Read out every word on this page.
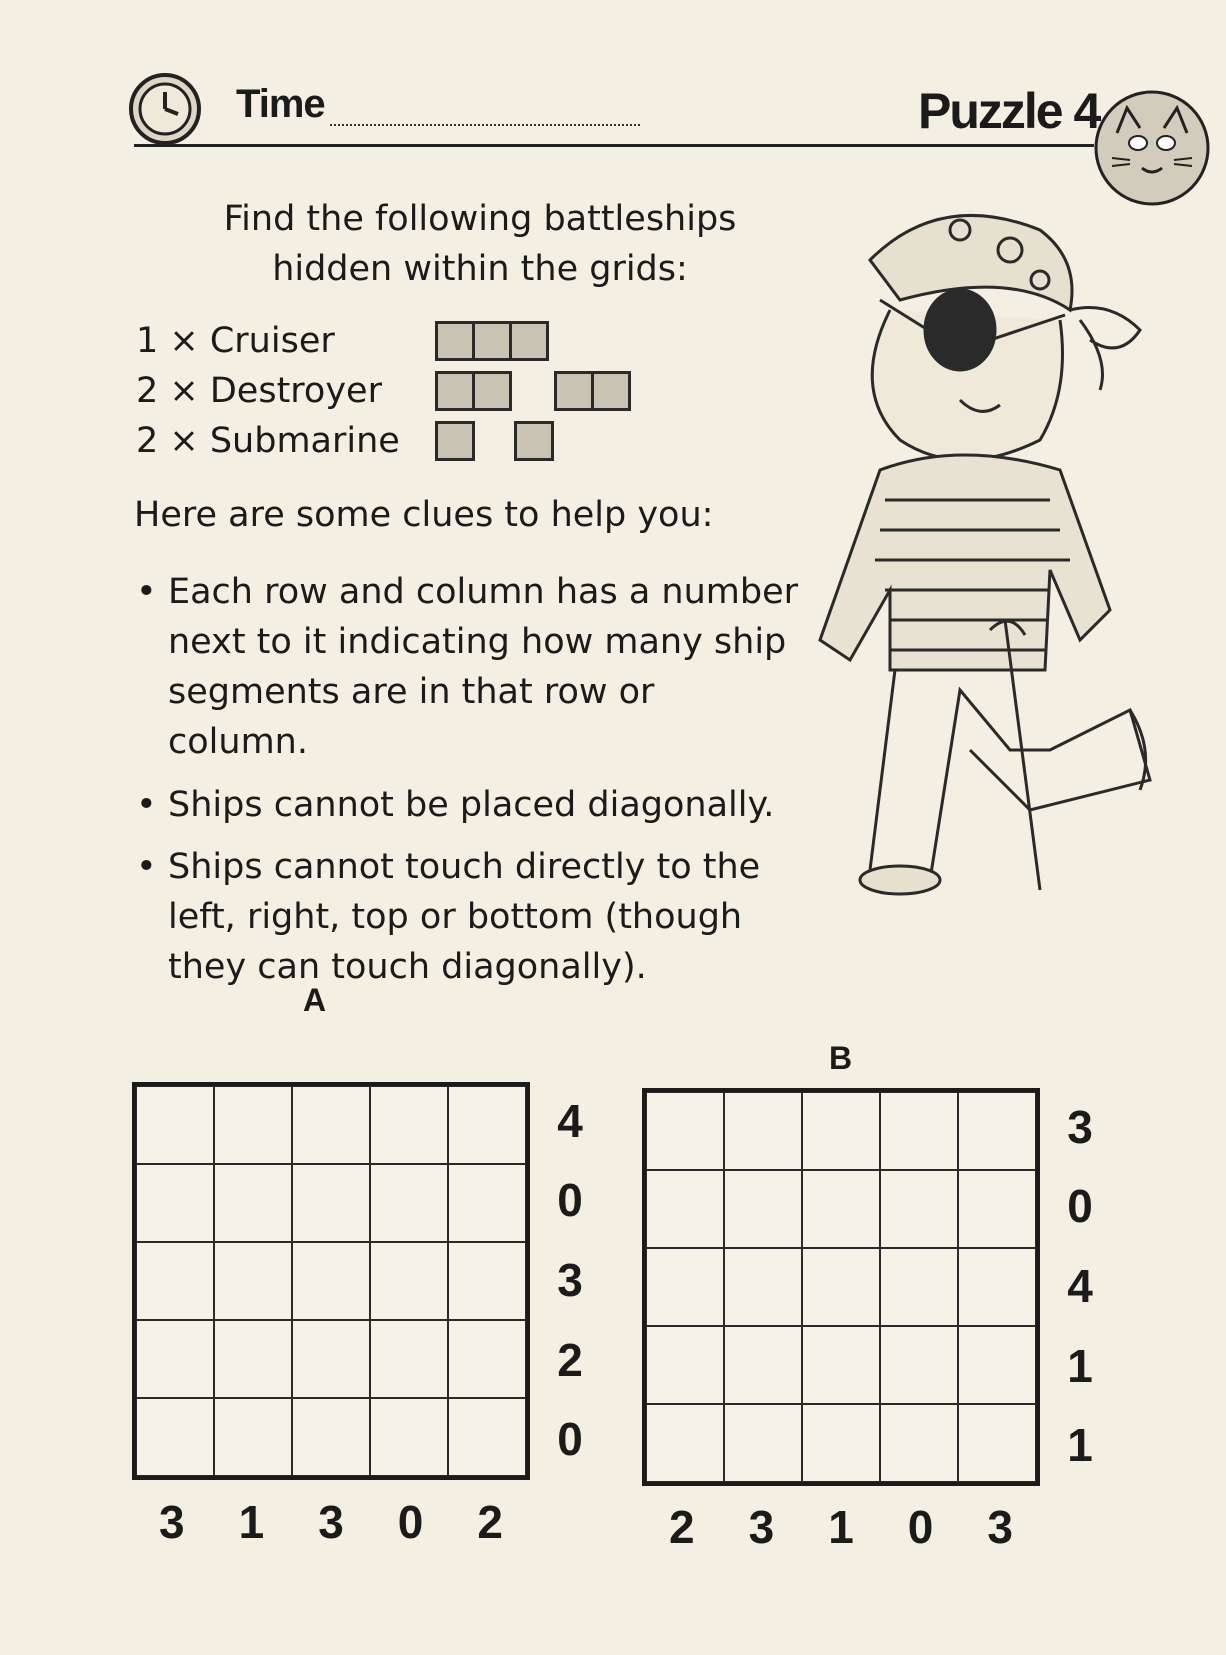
Time	Puzzle 4
Find the following battleships hidden within the grids:
1 × Cruiser
2 × Destroyer
2 × Submarine
Here are some clues to help you:
• Each row and column has a number next to it indicating how many ship segments are in that row or column.
• Ships cannot be placed diagonally.
• Ships cannot touch directly to the left, right, top or bottom (though they can touch diagonally).
A
4
0
3
2
0
3 1 3 0 2
B
3
0
4
1
1
2 3 1 0 3
